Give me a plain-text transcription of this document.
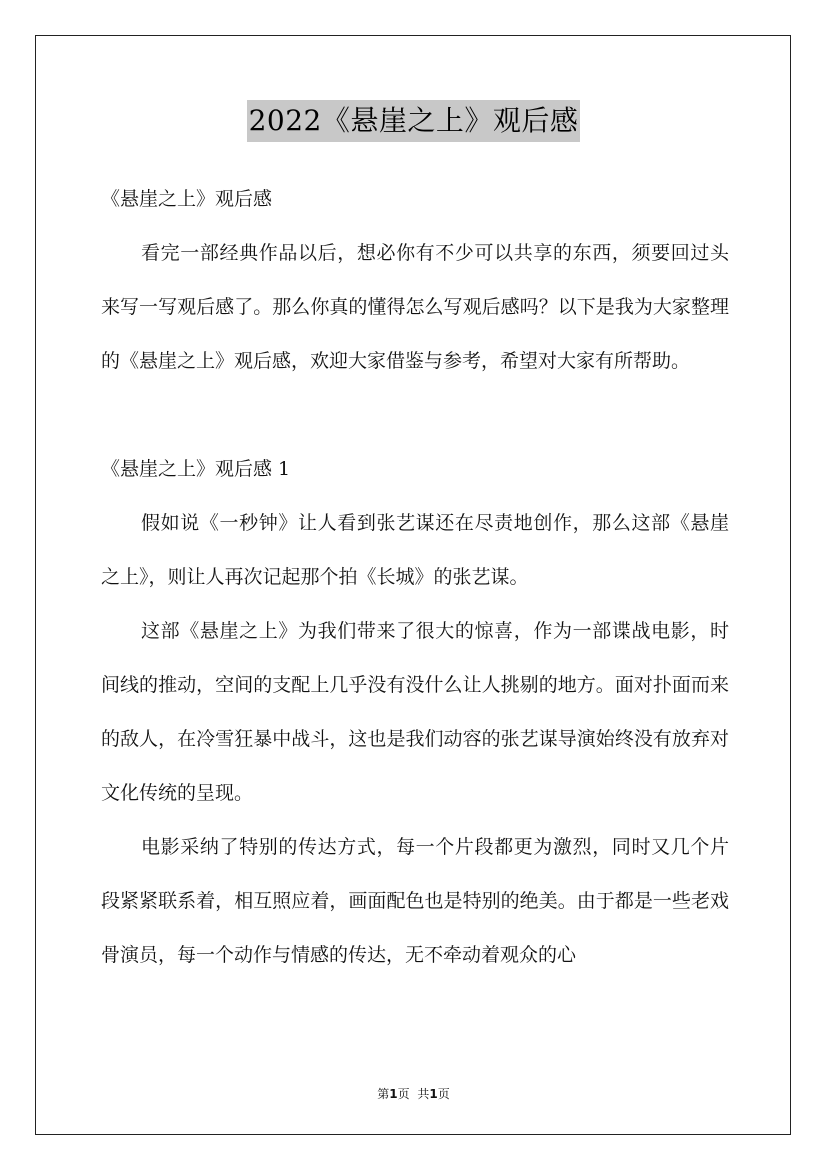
2022《悬崖之上》观后感
《悬崖之上》观后感

看完一部经典作品以后，想必你有不少可以共享的东西，须要回过头来写一写观后感了。那么你真的懂得怎么写观后感吗？以下是我为大家整理的《悬崖之上》观后感，欢迎大家借鉴与参考，希望对大家有所帮助。

《悬崖之上》观后感 1

假如说《一秒钟》让人看到张艺谋还在尽责地创作，那么这部《悬崖之上》，则让人再次记起那个拍《长城》的张艺谋。

这部《悬崖之上》为我们带来了很大的惊喜，作为一部谍战电影，时间线的推动，空间的支配上几乎没有没什么让人挑剔的地方。面对扑面而来的敌人，在冷雪狂暴中战斗，这也是我们动容的张艺谋导演始终没有放弃对文化传统的呈现。

电影采纳了特别的传达方式，每一个片段都更为激烈，同时又几个片段紧紧联系着，相互照应着，画面配色也是特别的绝美。由于都是一些老戏骨演员，每一个动作与情感的传达，无不牵动着观众的心

第1页 共1页
